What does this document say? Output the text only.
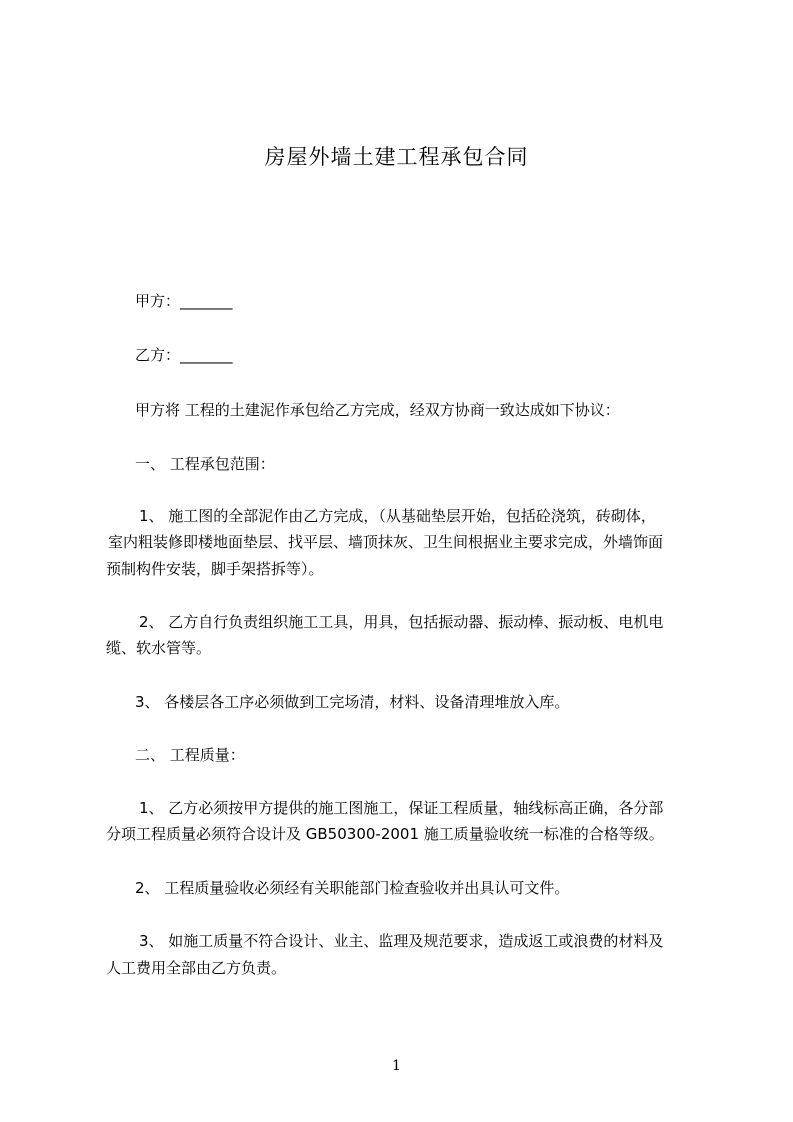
房屋外墙土建工程承包合同
甲方：_______
乙方：_______
甲方将 工程的土建泥作承包给乙方完成，经双方协商一致达成如下协议：
一、 工程承包范围：
1、 施工图的全部泥作由乙方完成，（从基础垫层开始，包括砼浇筑，砖砌体，
室内粗装修即楼地面垫层、找平层、墙顶抹灰、卫生间根据业主要求完成，外墙饰面
预制构件安装，脚手架搭拆等）。
2、 乙方自行负责组织施工工具，用具，包括振动器、振动棒、振动板、电机电
缆、软水管等。
3、 各楼层各工序必须做到工完场清，材料、设备清理堆放入库。
二、 工程质量：
1、 乙方必须按甲方提供的施工图施工，保证工程质量，轴线标高正确，各分部
分项工程质量必须符合设计及 GB50300-2001 施工质量验收统一标准的合格等级。
2、 工程质量验收必须经有关职能部门检查验收并出具认可文件。
3、 如施工质量不符合设计、业主、监理及规范要求，造成返工或浪费的材料及
人工费用全部由乙方负责。
1
